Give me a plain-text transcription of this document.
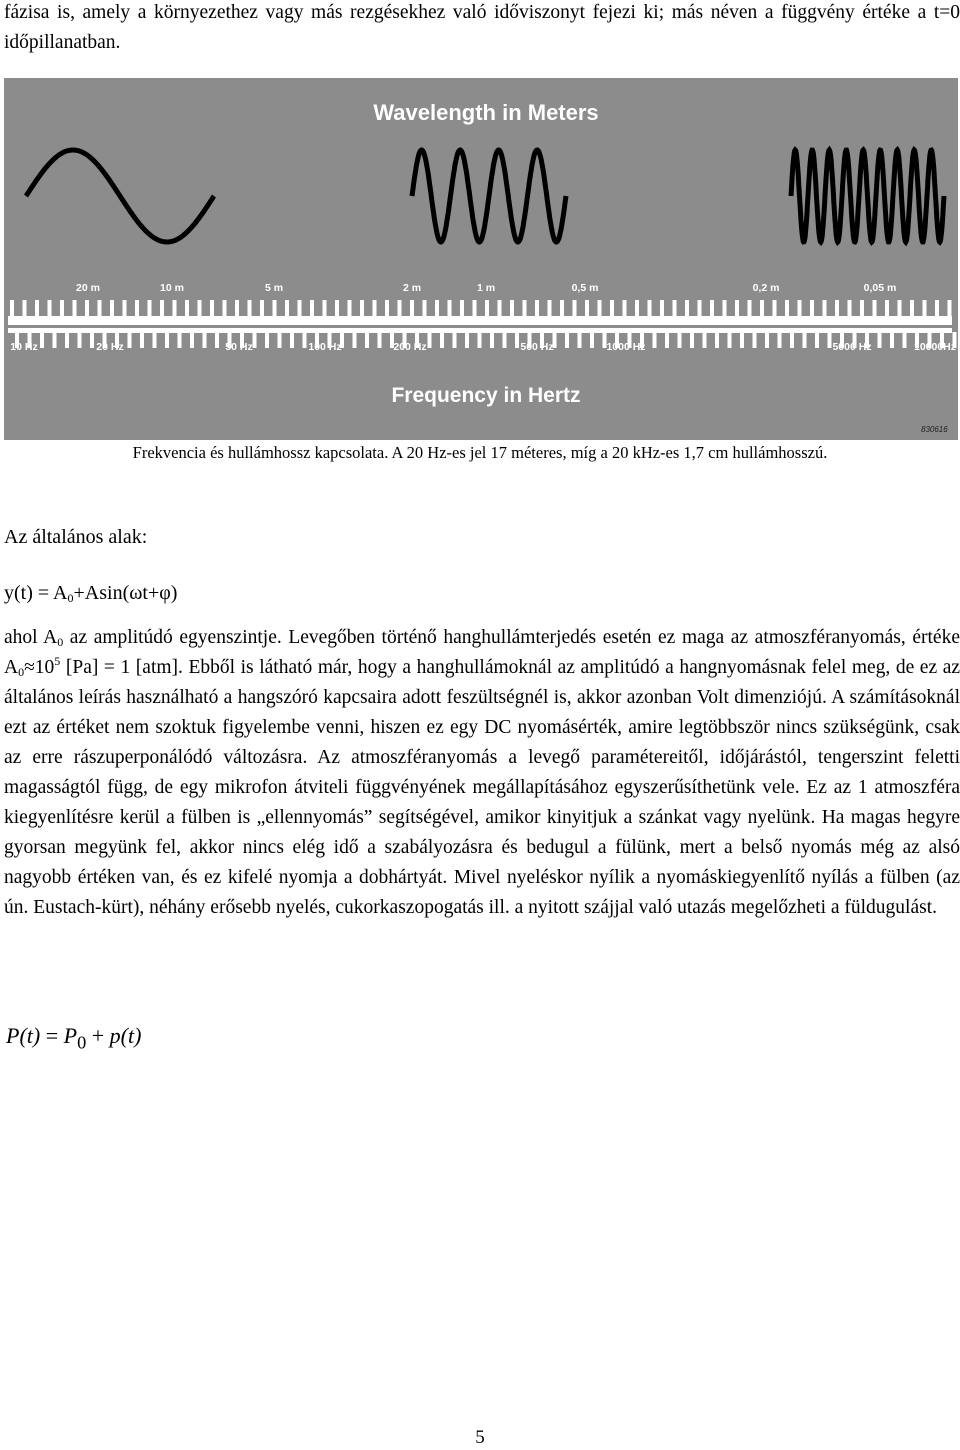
fázisa is, amely a környezethez vagy más rezgésekhez való időviszonyt fejezi ki; más néven a függvény értéke a t=0 időpillanatban.

Wavelength in Meters
20 m	10 m	5 m	2 m	1 m	0,5 m	0,2 m	0,05 m
10 Hz	20 Hz	50 Hz	100 Hz	200 Hz	500 Hz	1000 Hz	5000 Hz	10000Hz
Frequency in Hertz
830616
Frekvencia és hullámhossz kapcsolata. A 20 Hz-es jel 17 méteres, míg a 20 kHz-es 1,7 cm hullámhosszú.
Az általános alak:
$y(t) = A_0+Asin(\omega t+\varphi)$

ahol $A_0$ az amplitúdó egyenszintje. Levegőben történő hanghullámterjedés esetén ez maga az atmoszféranyomás, értéke $A_0\approx 10^5$ [Pa] = 1 [atm]. Ebből is látható már, hogy a hanghullámoknál az amplitúdó a hangnyomásnak felel meg, de ez az általános leírás használható a hangszóró kapcsaira adott feszültségnél is, akkor azonban Volt dimenziójú. A számításoknál ezt az értéket nem szoktuk figyelembe venni, hiszen ez egy DC nyomásérték, amire legtöbbször nincs szükségünk, csak az erre rászuperponálódó változásra. Az atmoszféranyomás a levegő paramétereitől, időjárástól, tengerszint feletti magasságtól függ, de egy mikrofon átviteli függvényének megállapításához egyszerűsíthetünk vele. Ez az 1 atmoszféra kiegyenlítésre kerül a fülben is „ellennyomás” segítségével, amikor kinyitjuk a szánkat vagy nyelünk. Ha magas hegyre gyorsan megyünk fel, akkor nincs elég idő a szabályozásra és bedugul a fülünk, mert a belső nyomás még az alsó nagyobb értéken van, és ez kifelé nyomja a dobhártyát. Mivel nyeléskor nyílik a nyomáskiegyenlítő nyílás a fülben (az ún. Eustach-kürt), néhány erősebb nyelés, cukorkaszopogatás ill. a nyitott szájjal való utazás megelőzheti a füldugulást.

$P(t) = P_0 + p(t)$
5
